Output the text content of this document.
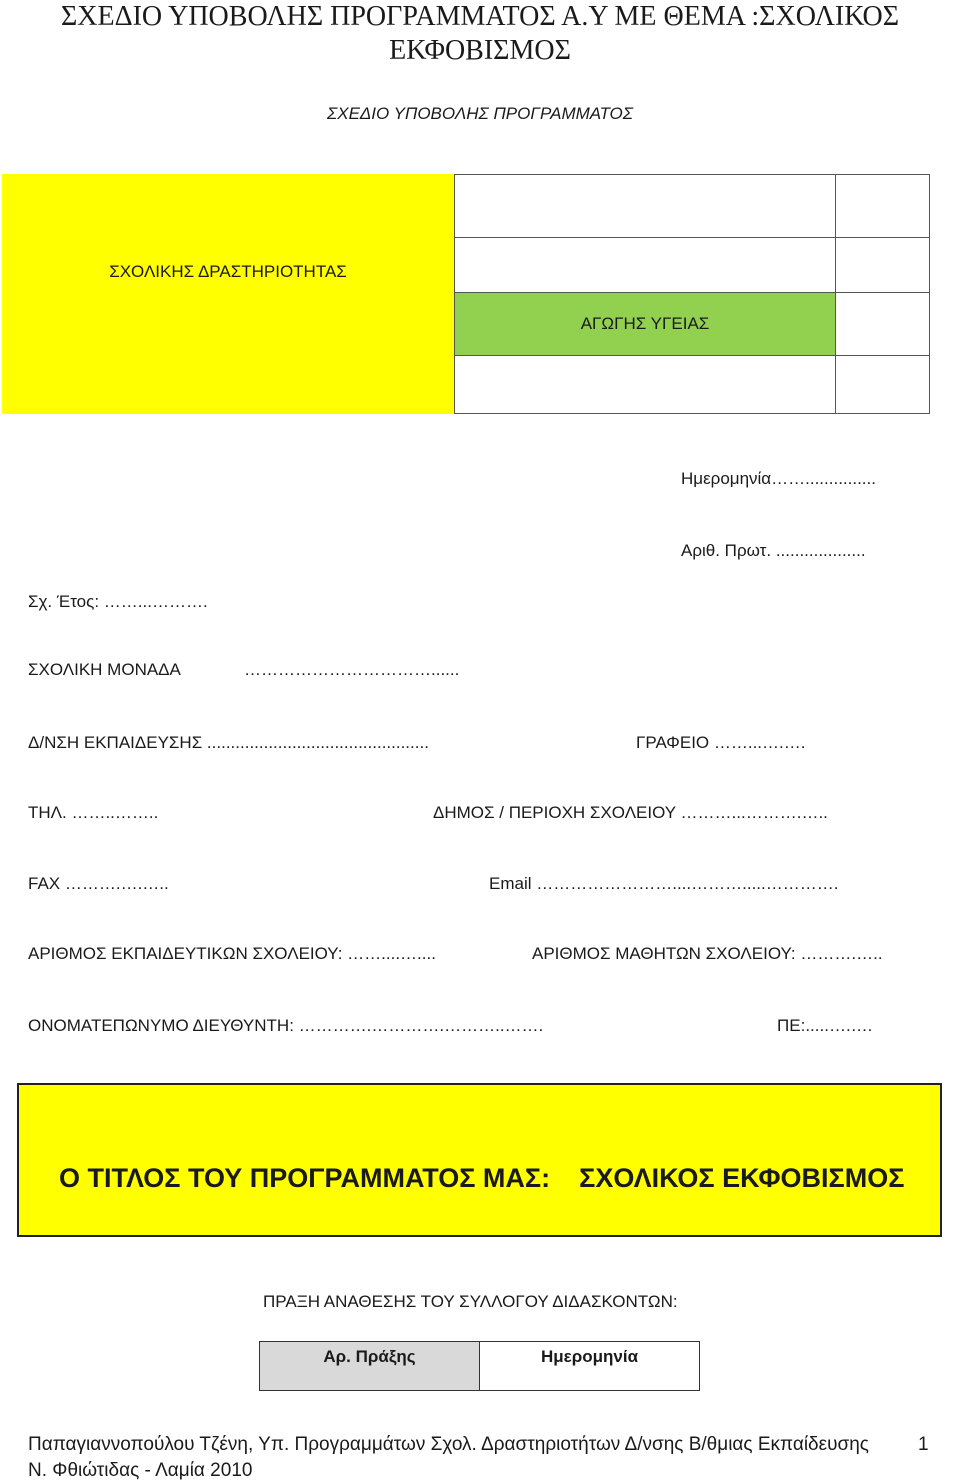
ΣΧΕΔΙΟ ΥΠΟΒΟΛΗΣ ΠΡΟΓΡΑΜΜΑΤΟΣ Α.Υ ΜΕ ΘΕΜΑ :ΣΧΟΛΙΚΟΣ
ΕΚΦΟΒΙΣΜΟΣ
ΣΧΕΔΙΟ ΥΠΟΒΟΛΗΣ ΠΡΟΓΡΑΜΜΑΤΟΣ
ΣΧΟΛΙΚΗΣ ΔΡΑΣΤΗΡΙΟΤΗΤΑΣ
ΑΓΩΓΗΣ ΥΓΕΙΑΣ
Ημερομηνία……...............
Αριθ. Πρωτ. ...................
Σχ. Έτος: ……...……….
ΣΧΟΛΙΚΗ ΜΟΝΑΔΑ	……………………………......
Δ/ΝΣΗ ΕΚΠΑΙΔΕΥΣΗΣ ...............................................	ΓΡΑΦΕΙΟ ……...….….
ΤΗΛ. ……..……..	ΔΗΜΟΣ / ΠΕΡΙΟΧΗ ΣΧΟΛΕΙΟΥ ………...……….…..
FAX ……….….…..	Email ……………………....……….....………….
ΑΡΙΘΜΟΣ ΕΚΠΑΙΔΕΥΤΙΚΩΝ ΣΧΟΛΕΙΟΥ: ……....…....	ΑΡΙΘΜΟΣ ΜΑΘΗΤΩΝ ΣΧΟΛΕΙΟΥ: ……….…..
ΟΝΟΜΑΤΕΠΩΝΥΜΟ ΔΙΕΥΘΥΝΤΗ: ………….………….………..…….	ΠΕ:.....….….
Ο ΤΙΤΛΟΣ ΤΟΥ ΠΡΟΓΡΑΜΜΑΤΟΣ ΜΑΣ: ΣΧΟΛΙΚΟΣ ΕΚΦΟΒΙΣΜΟΣ
ΠΡΑΞΗ ΑΝΑΘΕΣΗΣ ΤΟΥ ΣΥΛΛΟΓΟΥ ΔΙΔΑΣΚΟΝΤΩΝ:
Αρ. Πράξης	Ημερομηνία
Παπαγιαννοπούλου Τζένη, Υπ. Προγραμμάτων Σχολ. Δραστηριοτήτων Δ/νσης Β/θμιας Εκπαίδευσης
Ν. Φθιώτιδας - Λαμία 2010
1
